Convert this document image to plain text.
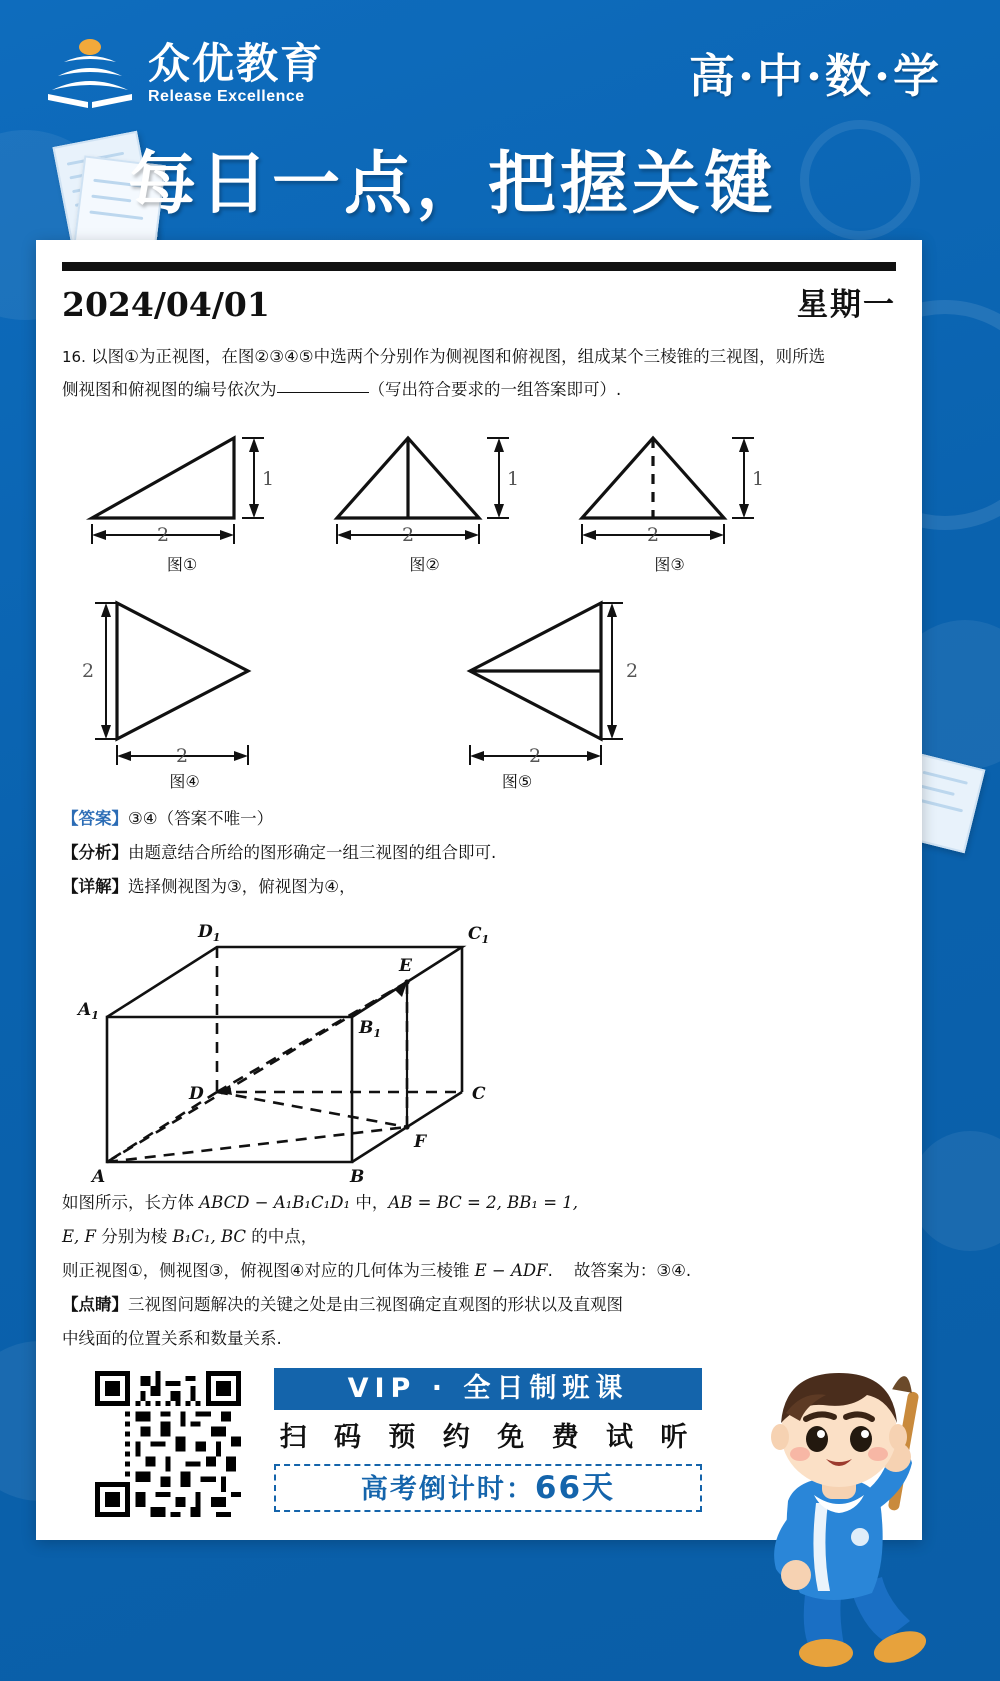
众优教育
Release Excellence	高·中·数·学
每日一点，把握关键
2024/04/01	星期一
16. 以图①为正视图，在图②③④⑤中选两个分别作为侧视图和俯视图，组成某个三棱锥的三视图，则所选
侧视图和俯视图的编号依次为	（写出符合要求的一组答案即可）.
2
1
2
1
2
1
图①	图②	图③
2
2
2
2
图④	图⑤
【答案】③④（答案不唯一）
【分析】由题意结合所给的图形确定一组三视图的组合即可.
【详解】选择侧视图为③，俯视图为④，
$D_1$	$C_1$
$A_1$
$B_1$
D	C
E
F
A	B
如图所示，长方体 ABCD − A₁B₁C₁D₁ 中，AB = BC = 2, BB₁ = 1,
E, F 分别为棱 B₁C₁, BC 的中点，
则正视图①，侧视图③，俯视图④对应的几何体为三棱锥 E − ADF. 故答案为：③④.
【点睛】三视图问题解决的关键之处是由三视图确定直观图的形状以及直观图
中线面的位置关系和数量关系.
VIP · 全日制班课
扫 码 预 约 免 费 试 听
高考倒计时：66天
